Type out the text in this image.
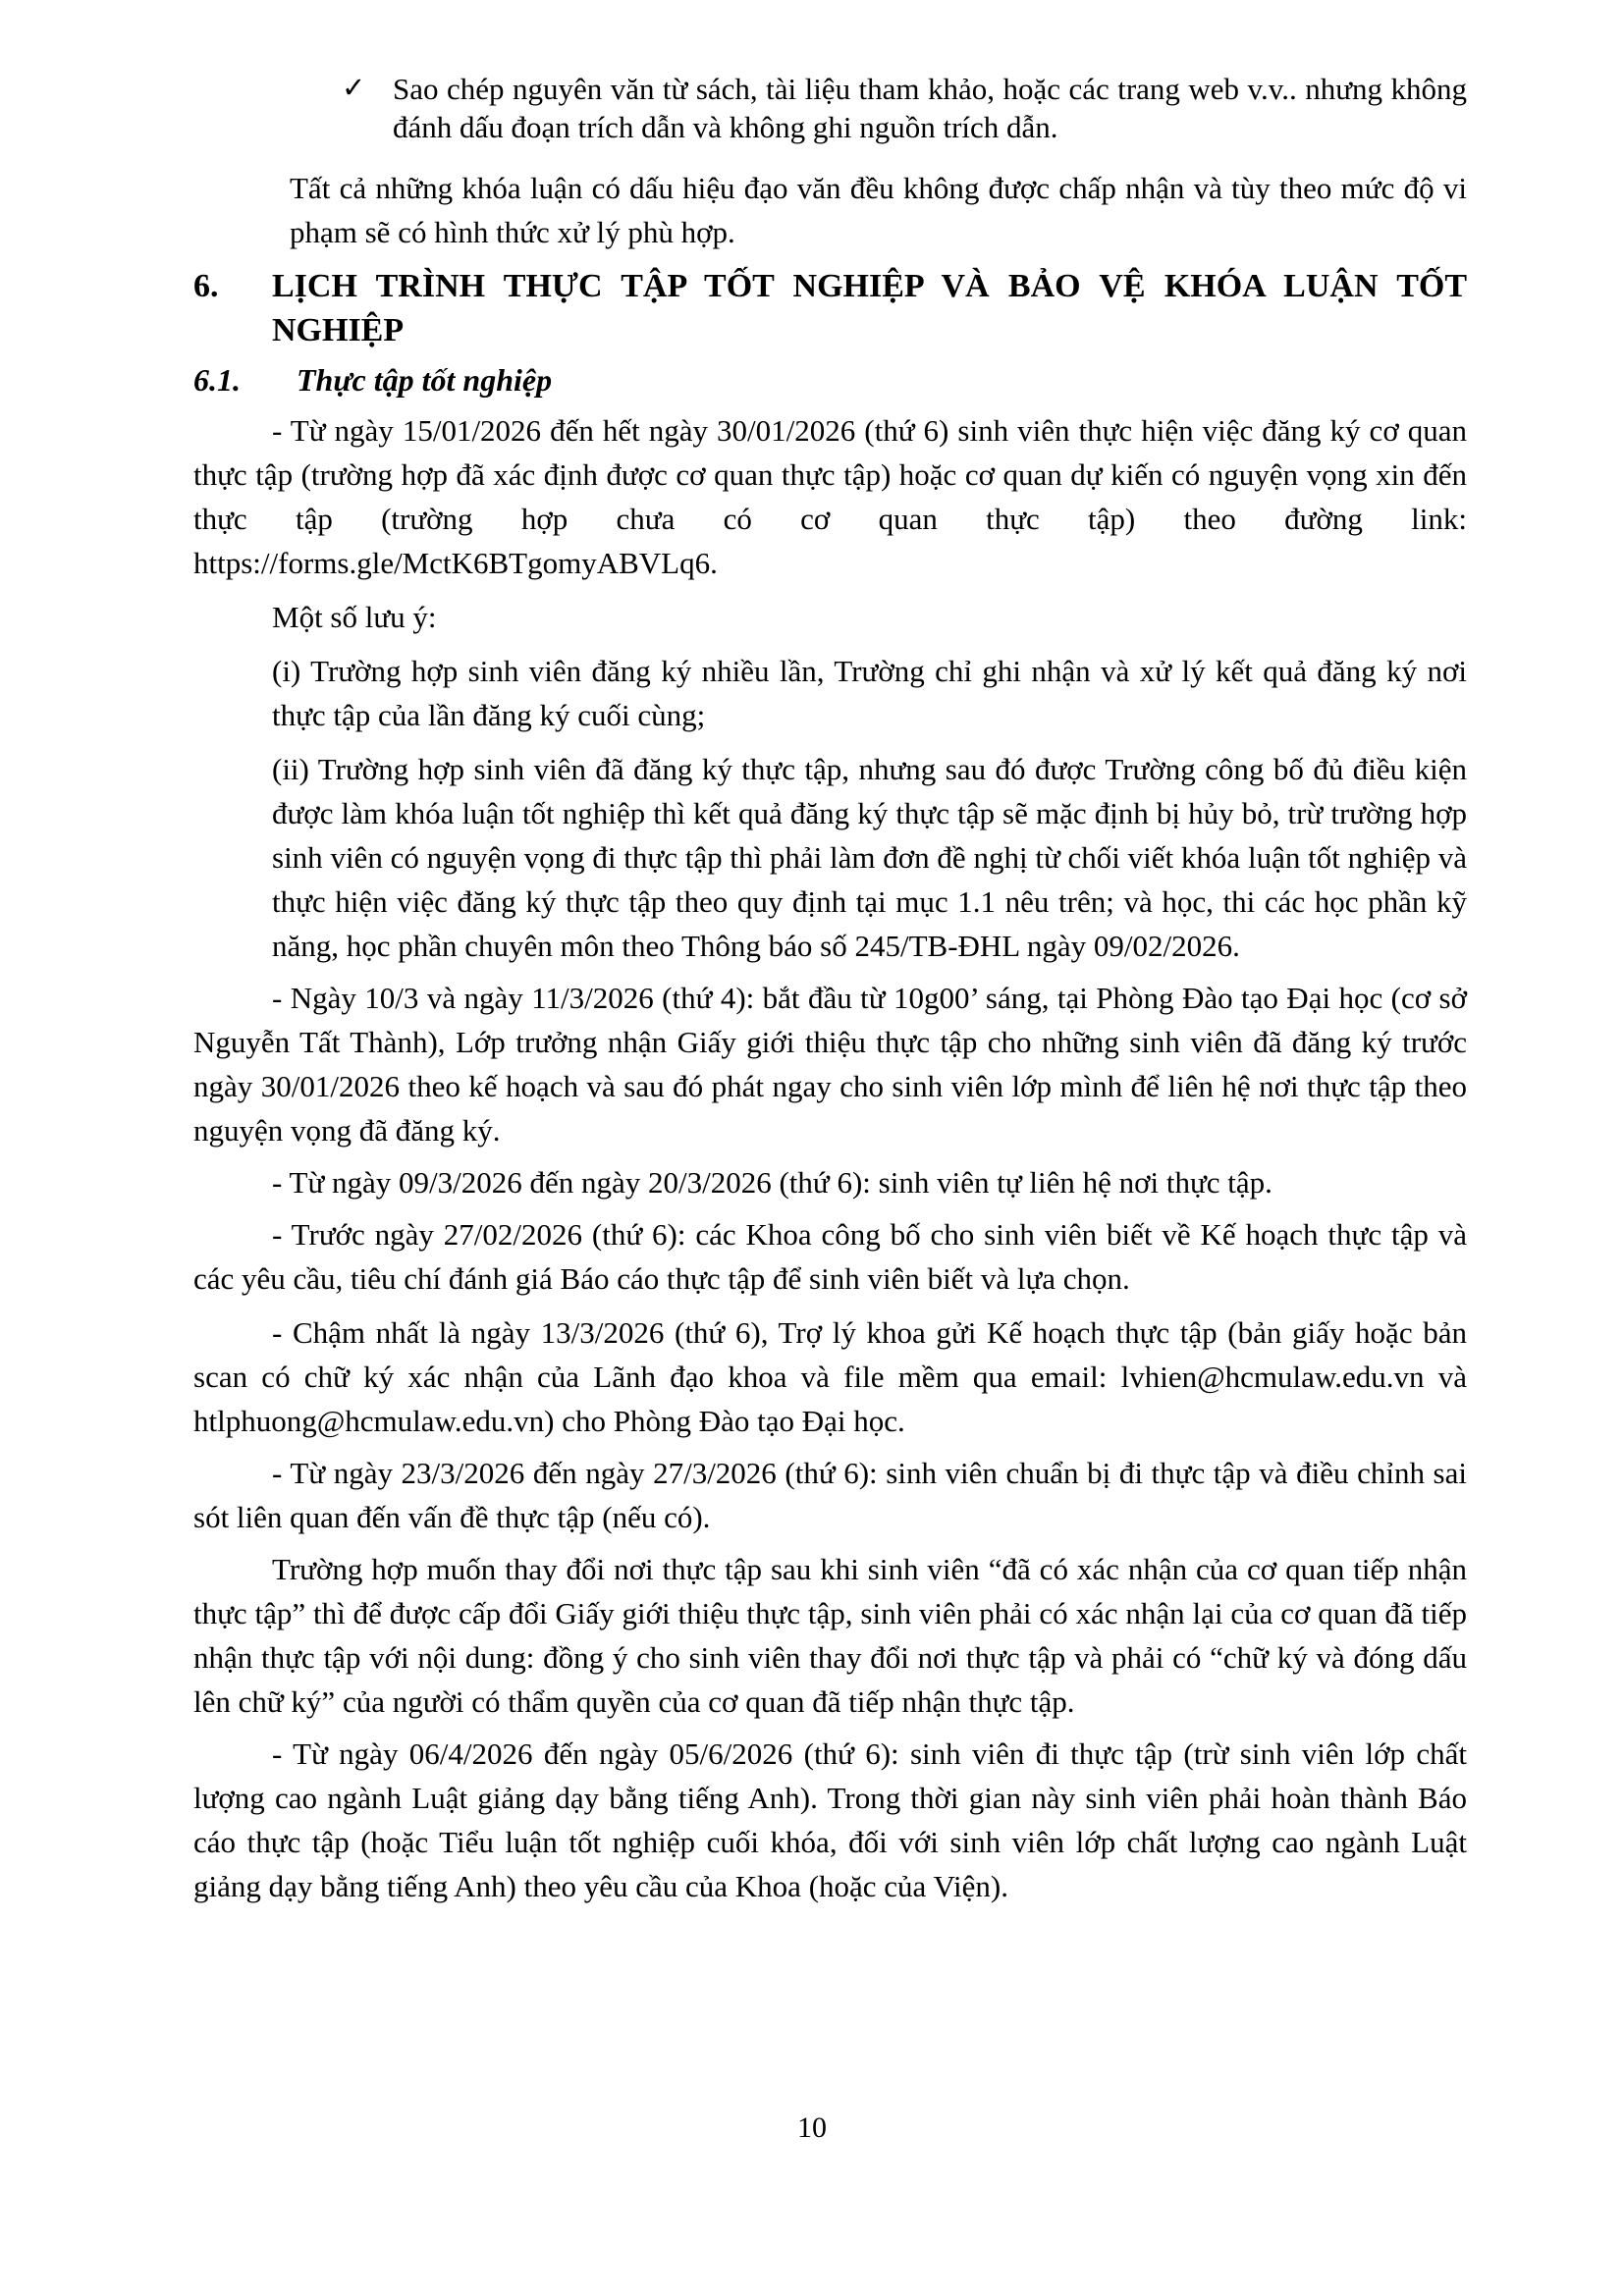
✓ Sao chép nguyên văn từ sách, tài liệu tham khảo, hoặc các trang web v.v.. nhưng không đánh dấu đoạn trích dẫn và không ghi nguồn trích dẫn.
Tất cả những khóa luận có dấu hiệu đạo văn đều không được chấp nhận và tùy theo mức độ vi phạm sẽ có hình thức xử lý phù hợp.
6.	LỊCH TRÌNH THỰC TẬP TỐT NGHIỆP VÀ BẢO VỆ KHÓA LUẬN TỐT NGHIỆP
6.1.	Thực tập tốt nghiệp

- Từ ngày 15/01/2026 đến hết ngày 30/01/2026 (thứ 6) sinh viên thực hiện việc đăng ký cơ quan thực tập (trường hợp đã xác định được cơ quan thực tập) hoặc cơ quan dự kiến có nguyện vọng xin đến thực tập (trường hợp chưa có cơ quan thực tập) theo đường link: https://forms.gle/MctK6BTgomyABVLq6.

Một số lưu ý:

(i) Trường hợp sinh viên đăng ký nhiều lần, Trường chỉ ghi nhận và xử lý kết quả đăng ký nơi thực tập của lần đăng ký cuối cùng;
(ii) Trường hợp sinh viên đã đăng ký thực tập, nhưng sau đó được Trường công bố đủ điều kiện được làm khóa luận tốt nghiệp thì kết quả đăng ký thực tập sẽ mặc định bị hủy bỏ, trừ trường hợp sinh viên có nguyện vọng đi thực tập thì phải làm đơn đề nghị từ chối viết khóa luận tốt nghiệp và thực hiện việc đăng ký thực tập theo quy định tại mục 1.1 nêu trên; và học, thi các học phần kỹ năng, học phần chuyên môn theo Thông báo số 245/TB-ĐHL ngày 09/02/2026.

- Ngày 10/3 và ngày 11/3/2026 (thứ 4): bắt đầu từ 10g00’ sáng, tại Phòng Đào tạo Đại học (cơ sở Nguyễn Tất Thành), Lớp trưởng nhận Giấy giới thiệu thực tập cho những sinh viên đã đăng ký trước ngày 30/01/2026 theo kế hoạch và sau đó phát ngay cho sinh viên lớp mình để liên hệ nơi thực tập theo nguyện vọng đã đăng ký.

- Từ ngày 09/3/2026 đến ngày 20/3/2026 (thứ 6): sinh viên tự liên hệ nơi thực tập.

- Trước ngày 27/02/2026 (thứ 6): các Khoa công bố cho sinh viên biết về Kế hoạch thực tập và các yêu cầu, tiêu chí đánh giá Báo cáo thực tập để sinh viên biết và lựa chọn.

- Chậm nhất là ngày 13/3/2026 (thứ 6), Trợ lý khoa gửi Kế hoạch thực tập (bản giấy hoặc bản scan có chữ ký xác nhận của Lãnh đạo khoa và file mềm qua email: lvhien@hcmulaw.edu.vn và htlphuong@hcmulaw.edu.vn) cho Phòng Đào tạo Đại học.

- Từ ngày 23/3/2026 đến ngày 27/3/2026 (thứ 6): sinh viên chuẩn bị đi thực tập và điều chỉnh sai sót liên quan đến vấn đề thực tập (nếu có).

Trường hợp muốn thay đổi nơi thực tập sau khi sinh viên “đã có xác nhận của cơ quan tiếp nhận thực tập” thì để được cấp đổi Giấy giới thiệu thực tập, sinh viên phải có xác nhận lại của cơ quan đã tiếp nhận thực tập với nội dung: đồng ý cho sinh viên thay đổi nơi thực tập và phải có “chữ ký và đóng dấu lên chữ ký” của người có thẩm quyền của cơ quan đã tiếp nhận thực tập.

- Từ ngày 06/4/2026 đến ngày 05/6/2026 (thứ 6): sinh viên đi thực tập (trừ sinh viên lớp chất lượng cao ngành Luật giảng dạy bằng tiếng Anh). Trong thời gian này sinh viên phải hoàn thành Báo cáo thực tập (hoặc Tiểu luận tốt nghiệp cuối khóa, đối với sinh viên lớp chất lượng cao ngành Luật giảng dạy bằng tiếng Anh) theo yêu cầu của Khoa (hoặc của Viện).

10
